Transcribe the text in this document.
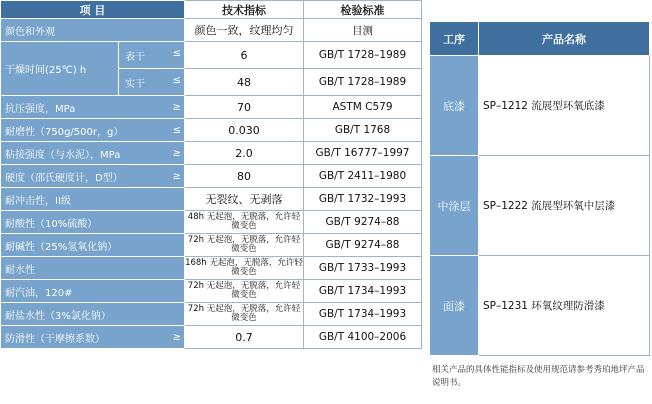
项 目		技术指标	检验标准
颜色和外观		颜色一致，纹理均匀	目测
干燥时间(25℃) h	表干 ≤	6	GB/T 1728–1989

	实干 ≤	48	GB/T 1728–1989

抗压强度，MPa ≥		70	ASTM C579

耐磨性（750g/500r，g） ≤		0.030	GB/T 1768

粘接强度（与水泥），MPa ≥		2.0	GB/T 16777–1997

硬度（邵氏硬度计，D型） ≥		80	GB/T 2411–1980

耐冲击性，II级		无裂纹、无剥落	GB/T 1732–1993

耐酸性（10%硫酸）		48h 无起泡，无脱落，允许轻微变色	GB/T 9274–88

耐碱性（25%氢氧化钠）		72h 无起泡，无脱落，允许轻微变色	GB/T 9274–88

耐水性		168h 无起泡，无脱落，允许轻微变色	GB/T 1733–1993

耐汽油，120#		72h 无起泡，无脱落，允许轻微变色	GB/T 1734–1993

耐盐水性（3%氯化钠）		72h 无起泡，无脱落，允许轻微变色	GB/T 1734–1993

防滑性（干摩擦系数） ≥		0.7	GB/T 4100–2006
工序	产品名称
底漆	SP–1212 流展型环氧底漆
中涂层	SP–1222 流展型环氧中层漆
面漆	SP–1231 环氧纹理防滑漆
相关产品的具体性能指标及使用规范请参考秀珀地坪产品说明书。
